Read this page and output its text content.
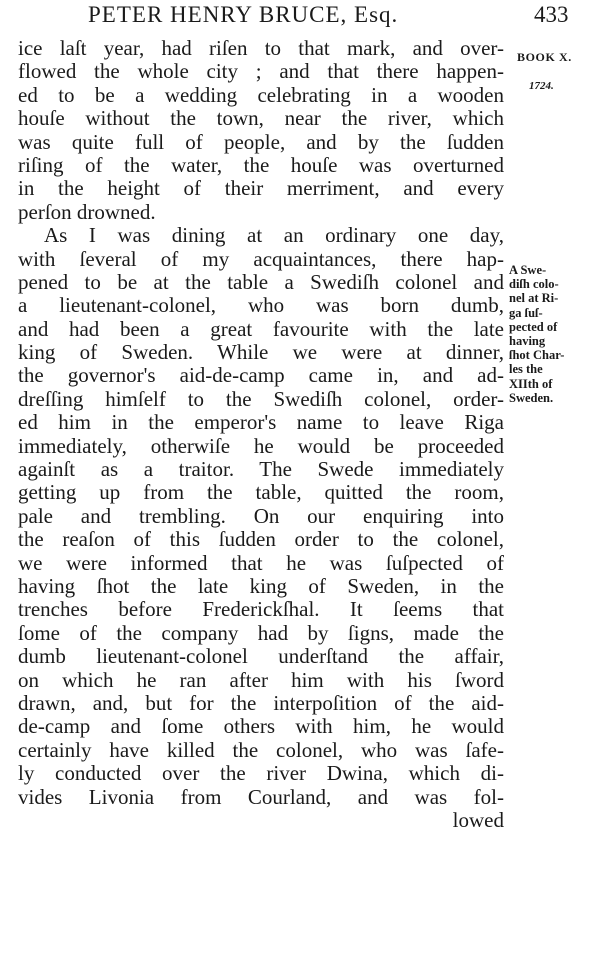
PETER HENRY BRUCE, Esq.	433
ice laſt year, had riſen to that mark, and over-
flowed the whole city ; and that there happen-
ed to be a wedding celebrating in a wooden
houſe without the town, near the river, which
was quite full of people, and by the ſudden
riſing of the water, the houſe was overturned
in the height of their merriment, and every
perſon drowned.
As I was dining at an ordinary one day,
with ſeveral of my acquaintances, there hap-
pened to be at the table a Swediſh colonel and
a lieutenant-colonel, who was born dumb,
and had been a great favourite with the late
king of Sweden. While we were at dinner,
the governor's aid-de-camp came in, and ad-
dreſſing himſelf to the Swediſh colonel, order-
ed him in the emperor's name to leave Riga
immediately, otherwiſe he would be proceeded
againſt as a traitor. The Swede immediately
getting up from the table, quitted the room,
pale and trembling. On our enquiring into
the reaſon of this ſudden order to the colonel,
we were informed that he was ſuſpected of
having ſhot the late king of Sweden, in the
trenches before Frederickſhal. It ſeems that
ſome of the company had by ſigns, made the
dumb lieutenant-colonel underſtand the affair,
on which he ran after him with his ſword
drawn, and, but for the interpoſition of the aid-
de-camp and ſome others with him, he would
certainly have killed the colonel, who was ſafe-
ly conducted over the river Dwina, which di-
vides Livonia from Courland, and was fol-
lowed
BOOK X.
1724.
A Swe-
diſh colo-
nel at Ri-
ga ſuſ-
pected of
having
ſhot Char-
les the
XIIth of
Sweden.
